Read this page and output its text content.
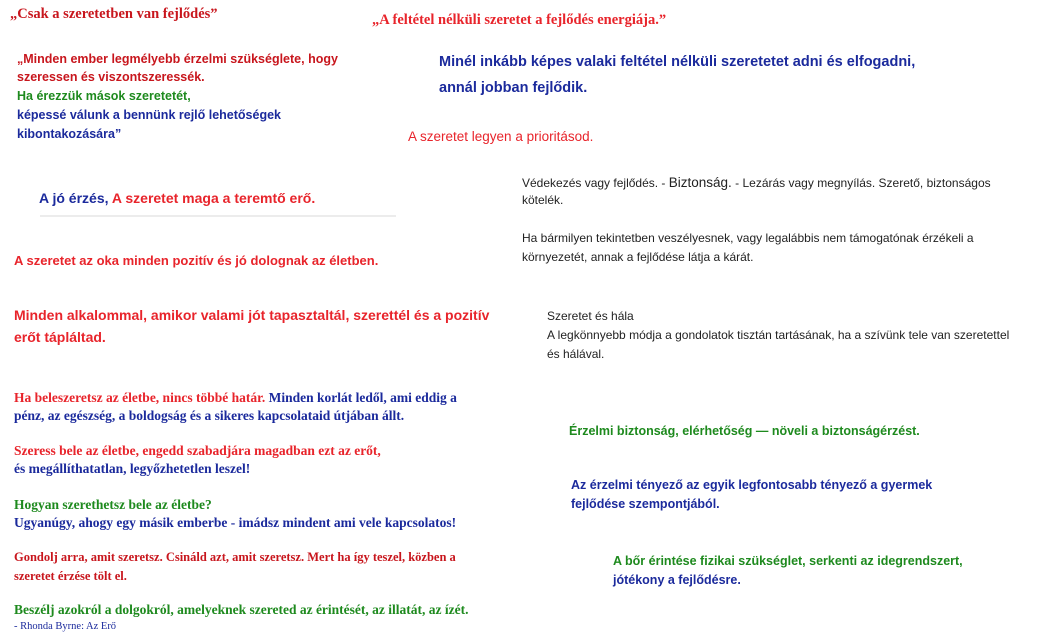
„Csak a szeretetben van fejlődés”	„A feltétel nélküli szeretet a fejlődés energiája.”
„Minden ember legmélyebb érzelmi szükséglete, hogy
szeressen és viszontszeressék.
Ha érezzük mások szeretetét,
képessé válunk a bennünk rejlő lehetőségek
kibontakozására”
Minél inkább képes valaki feltétel nélküli szeretetet adni és elfogadni,
annál jobban fejlődik.
A szeretet legyen a prioritásod.
A jó érzés, A szeretet maga a teremtő erő.
Védekezés vagy fejlődés. - Biztonság. - Lezárás vagy megnyílás. Szerető, biztonságos
kötelék.
Ha bármilyen tekintetben veszélyesnek, vagy legalábbis nem támogatónak érzékeli a
környezetét, annak a fejlődése látja a kárát.
A szeretet az oka minden pozitív és jó dolognak az életben.
Minden alkalommal, amikor valami jót tapasztaltál, szerettél és a pozitív
erőt tápláltad.
Szeretet és hála
A legkönnyebb módja a gondolatok tisztán tartásának, ha a szívünk tele van szeretettel
és hálával.
Ha beleszeretsz az életbe, nincs többé határ. Minden korlát ledől, ami eddig a
pénz, az egészség, a boldogság és a sikeres kapcsolataid útjában állt.
Érzelmi biztonság, elérhetőség — növeli a biztonságérzést.
Szeress bele az életbe, engedd szabadjára magadban ezt az erőt,
és megállíthatatlan, legyőzhetetlen leszel!
Az érzelmi tényező az egyik legfontosabb tényező a gyermek
fejlődése szempontjából.
Hogyan szerethetsz bele az életbe?
Ugyanúgy, ahogy egy másik emberbe - imádsz mindent ami vele kapcsolatos!
A bőr érintése fizikai szükséglet, serkenti az idegrendszert,
jótékony a fejlődésre.
Gondolj arra, amit szeretsz. Csináld azt, amit szeretsz. Mert ha így teszel, közben a
szeretet érzése tölt el.
Beszélj azokról a dolgokról, amelyeknek szereted az érintését, az illatát, az ízét.
- Rhonda Byrne: Az Erő
